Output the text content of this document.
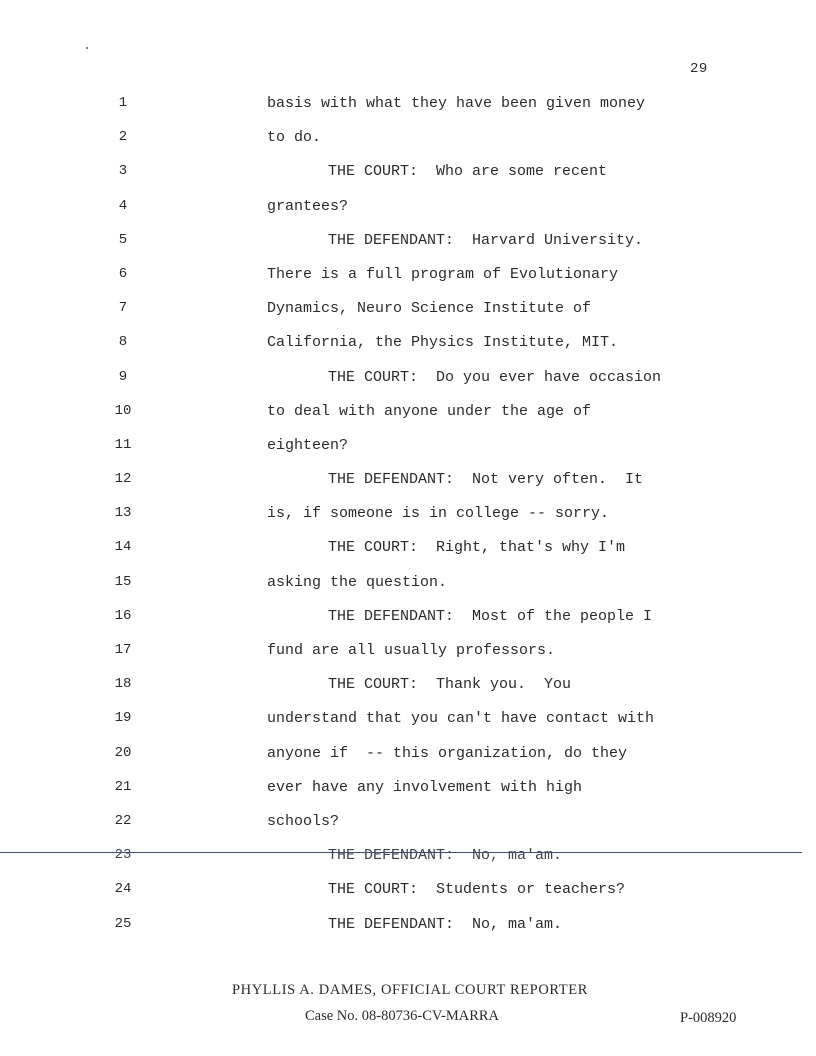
29
1	basis with what they have been given money
2	to do.
3	THE COURT:  Who are some recent
4	grantees?
5	THE DEFENDANT:  Harvard University.
6	There is a full program of Evolutionary
7	Dynamics, Neuro Science Institute of
8	California, the Physics Institute, MIT.
9	THE COURT:  Do you ever have occasion
10	to deal with anyone under the age of
11	eighteen?
12	THE DEFENDANT:  Not very often.  It
13	is, if someone is in college -- sorry.
14	THE COURT:  Right, that's why I'm
15	asking the question.
16	THE DEFENDANT:  Most of the people I
17	fund are all usually professors.
18	THE COURT:  Thank you.  You
19	understand that you can't have contact with
20	anyone if  -- this organization, do they
21	ever have any involvement with high
22	schools?
23	THE DEFENDANT:  No, ma'am.
24	THE COURT:  Students or teachers?
25	THE DEFENDANT:  No, ma'am.
PHYLLIS A. DAMES, OFFICIAL COURT REPORTER
Case No. 08-80736-CV-MARRA	P-008920
